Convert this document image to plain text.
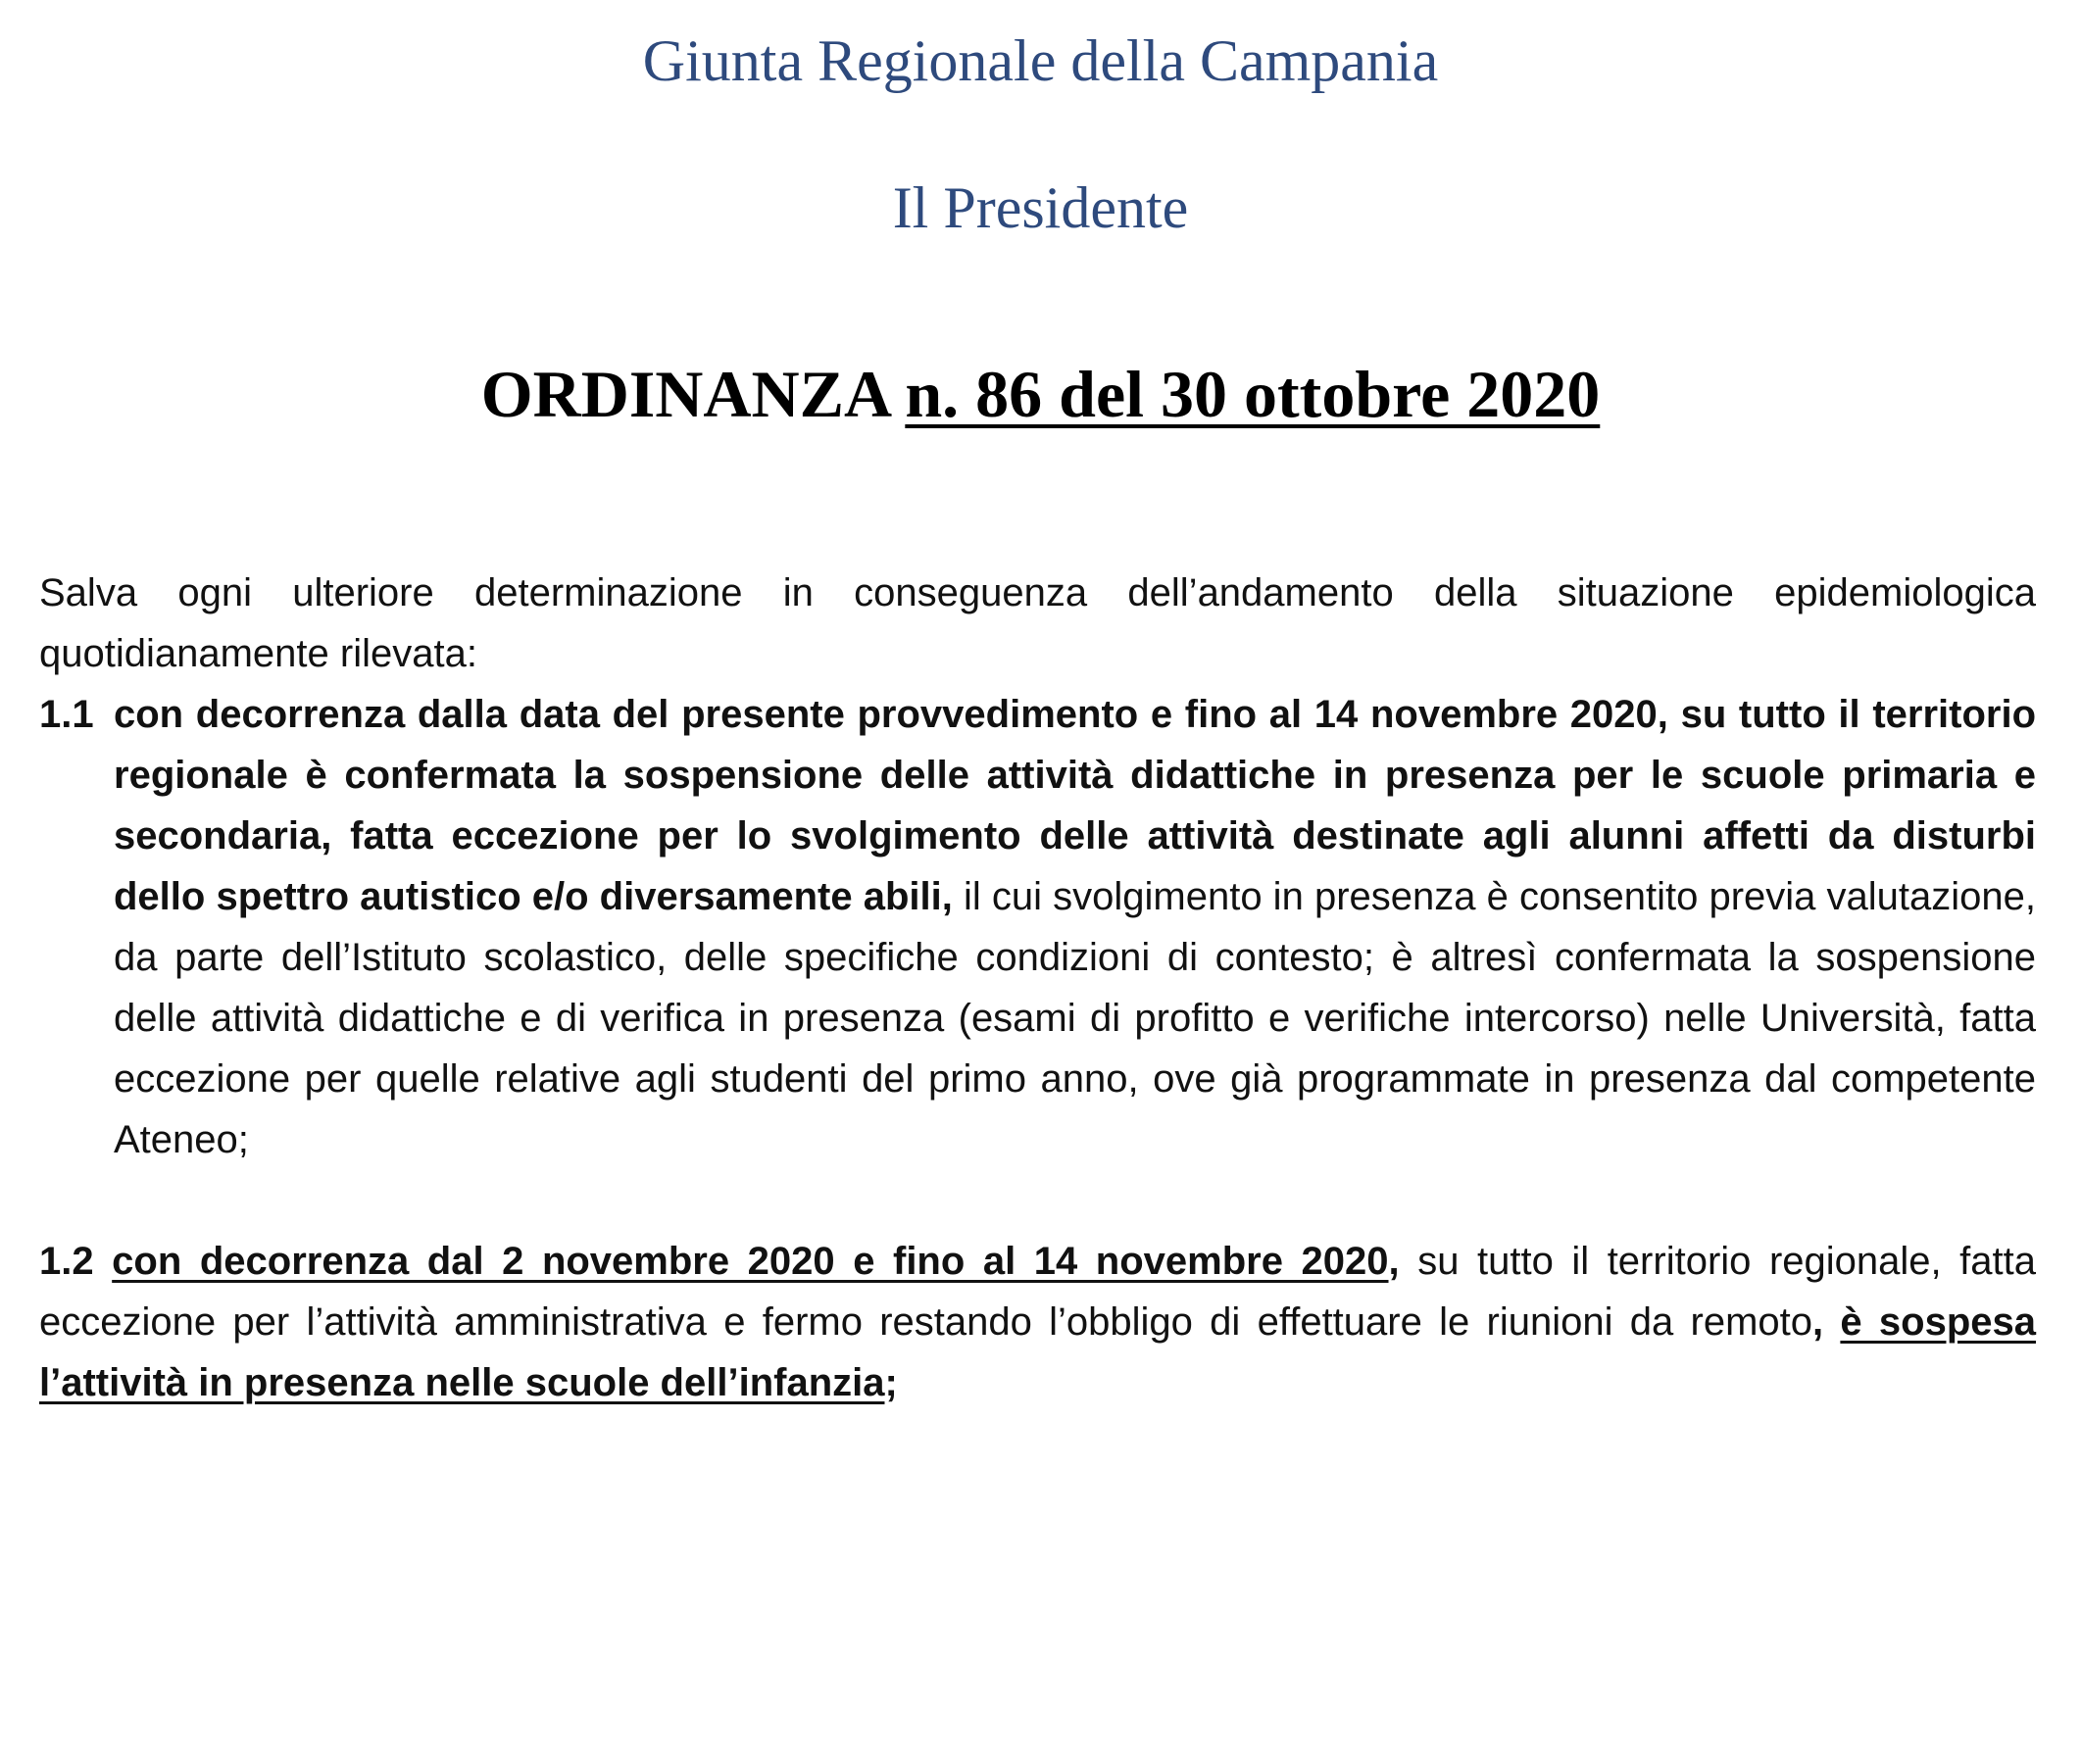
Giunta Regionale della Campania

Il Presidente

ORDINANZA n. 86 del 30 ottobre 2020

Salva ogni ulteriore determinazione in conseguenza dell’andamento della situazione epidemiologica quotidianamente rilevata:

1.1 con decorrenza dalla data del presente provvedimento e fino al 14 novembre 2020, su tutto il territorio regionale è confermata la sospensione delle attività didattiche in presenza per le scuole primaria e secondaria, fatta eccezione per lo svolgimento delle attività destinate agli alunni affetti da disturbi dello spettro autistico e/o diversamente abili, il cui svolgimento in presenza è consentito previa valutazione, da parte dell’Istituto scolastico, delle specifiche condizioni di contesto; è altresì confermata la sospensione delle attività didattiche e di verifica in presenza (esami di profitto e verifiche intercorso) nelle Università, fatta eccezione per quelle relative agli studenti del primo anno, ove già programmate in presenza dal competente Ateneo;

1.2 con decorrenza dal 2 novembre 2020 e fino al 14 novembre 2020, su tutto il territorio regionale, fatta eccezione per l’attività amministrativa e fermo restando l’obbligo di effettuare le riunioni da remoto, è sospesa l’attività in presenza nelle scuole dell’infanzia;
